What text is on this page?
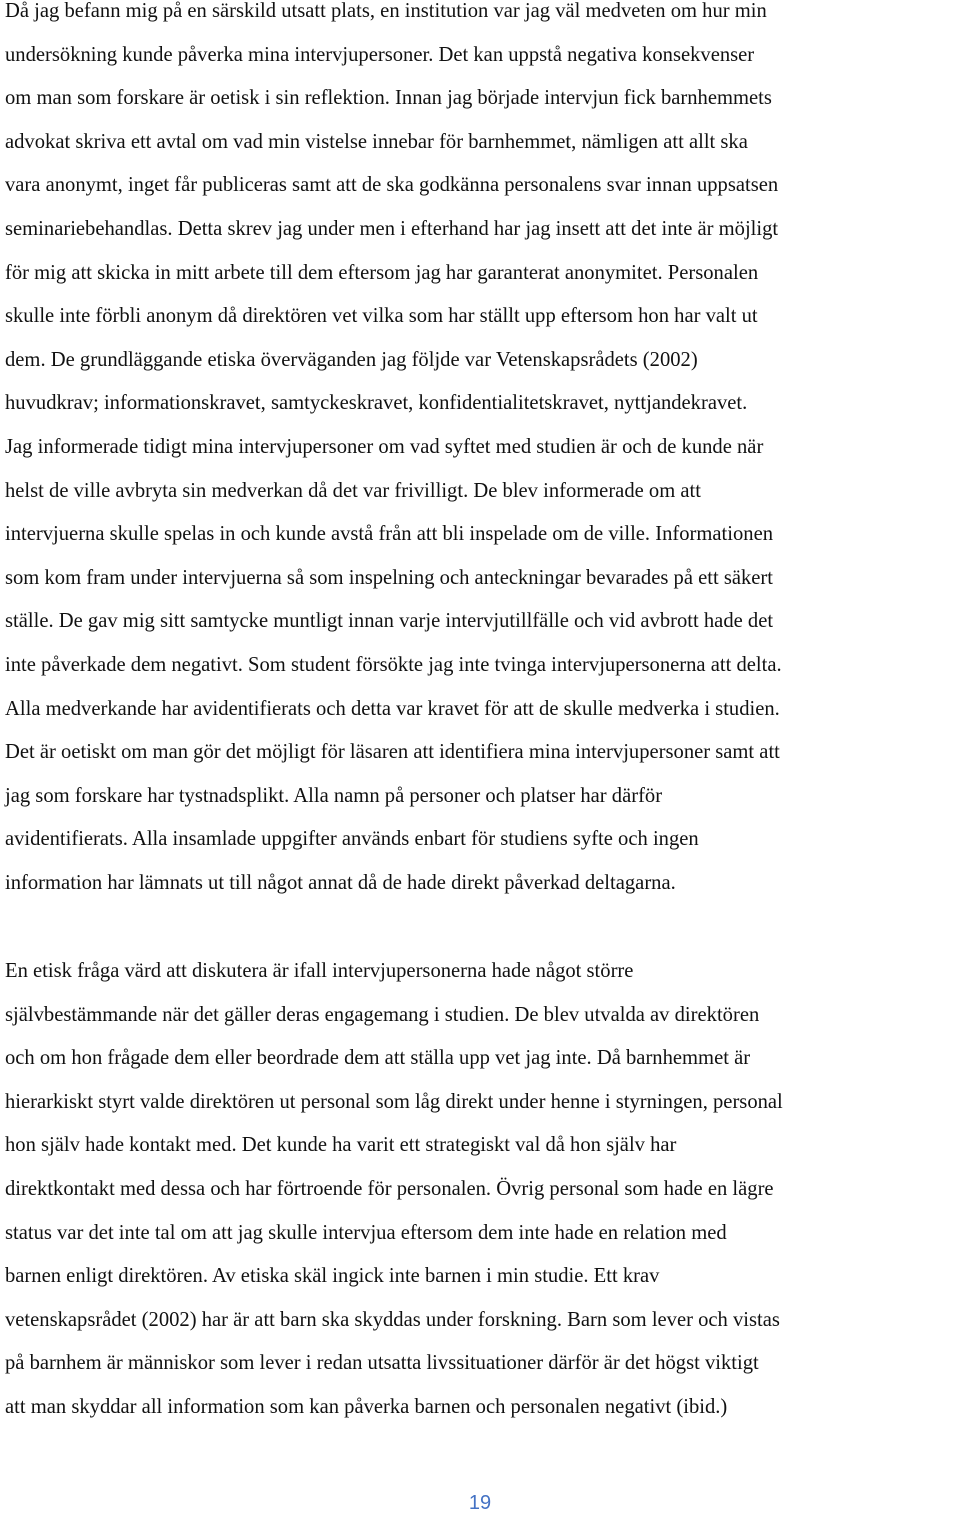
Då jag befann mig på en särskild utsatt plats, en institution var jag väl medveten om hur min
undersökning kunde påverka mina intervjupersoner. Det kan uppstå negativa konsekvenser
om man som forskare är oetisk i sin reflektion. Innan jag började intervjun fick barnhemmets
advokat skriva ett avtal om vad min vistelse innebar för barnhemmet, nämligen att allt ska
vara anonymt, inget får publiceras samt att de ska godkänna personalens svar innan uppsatsen
seminariebehandlas. Detta skrev jag under men i efterhand har jag insett att det inte är möjligt
för mig att skicka in mitt arbete till dem eftersom jag har garanterat anonymitet. Personalen
skulle inte förbli anonym då direktören vet vilka som har ställt upp eftersom hon har valt ut
dem. De grundläggande etiska överväganden jag följde var Vetenskapsrådets (2002)
huvudkrav; informationskravet, samtyckeskravet, konfidentialitetskravet, nyttjandekravet.
Jag informerade tidigt mina intervjupersoner om vad syftet med studien är och de kunde när
helst de ville avbryta sin medverkan då det var frivilligt. De blev informerade om att
intervjuerna skulle spelas in och kunde avstå från att bli inspelade om de ville. Informationen
som kom fram under intervjuerna så som inspelning och anteckningar bevarades på ett säkert
ställe. De gav mig sitt samtycke muntligt innan varje intervjutillfälle och vid avbrott hade det
inte påverkade dem negativt. Som student försökte jag inte tvinga intervjupersonerna att delta.
Alla medverkande har avidentifierats och detta var kravet för att de skulle medverka i studien.
Det är oetiskt om man gör det möjligt för läsaren att identifiera mina intervjupersoner samt att
jag som forskare har tystnadsplikt. Alla namn på personer och platser har därför
avidentifierats. Alla insamlade uppgifter används enbart för studiens syfte och ingen
information har lämnats ut till något annat då de hade direkt påverkad deltagarna.
En etisk fråga värd att diskutera är ifall intervjupersonerna hade något större
självbestämmande när det gäller deras engagemang i studien. De blev utvalda av direktören
och om hon frågade dem eller beordrade dem att ställa upp vet jag inte. Då barnhemmet är
hierarkiskt styrt valde direktören ut personal som låg direkt under henne i styrningen, personal
hon själv hade kontakt med. Det kunde ha varit ett strategiskt val då hon själv har
direktkontakt med dessa och har förtroende för personalen. Övrig personal som hade en lägre
status var det inte tal om att jag skulle intervjua eftersom dem inte hade en relation med
barnen enligt direktören. Av etiska skäl ingick inte barnen i min studie. Ett krav
vetenskapsrådet (2002) har är att barn ska skyddas under forskning. Barn som lever och vistas
på barnhem är människor som lever i redan utsatta livssituationer därför är det högst viktigt
att man skyddar all information som kan påverka barnen och personalen negativt (ibid.)
19
